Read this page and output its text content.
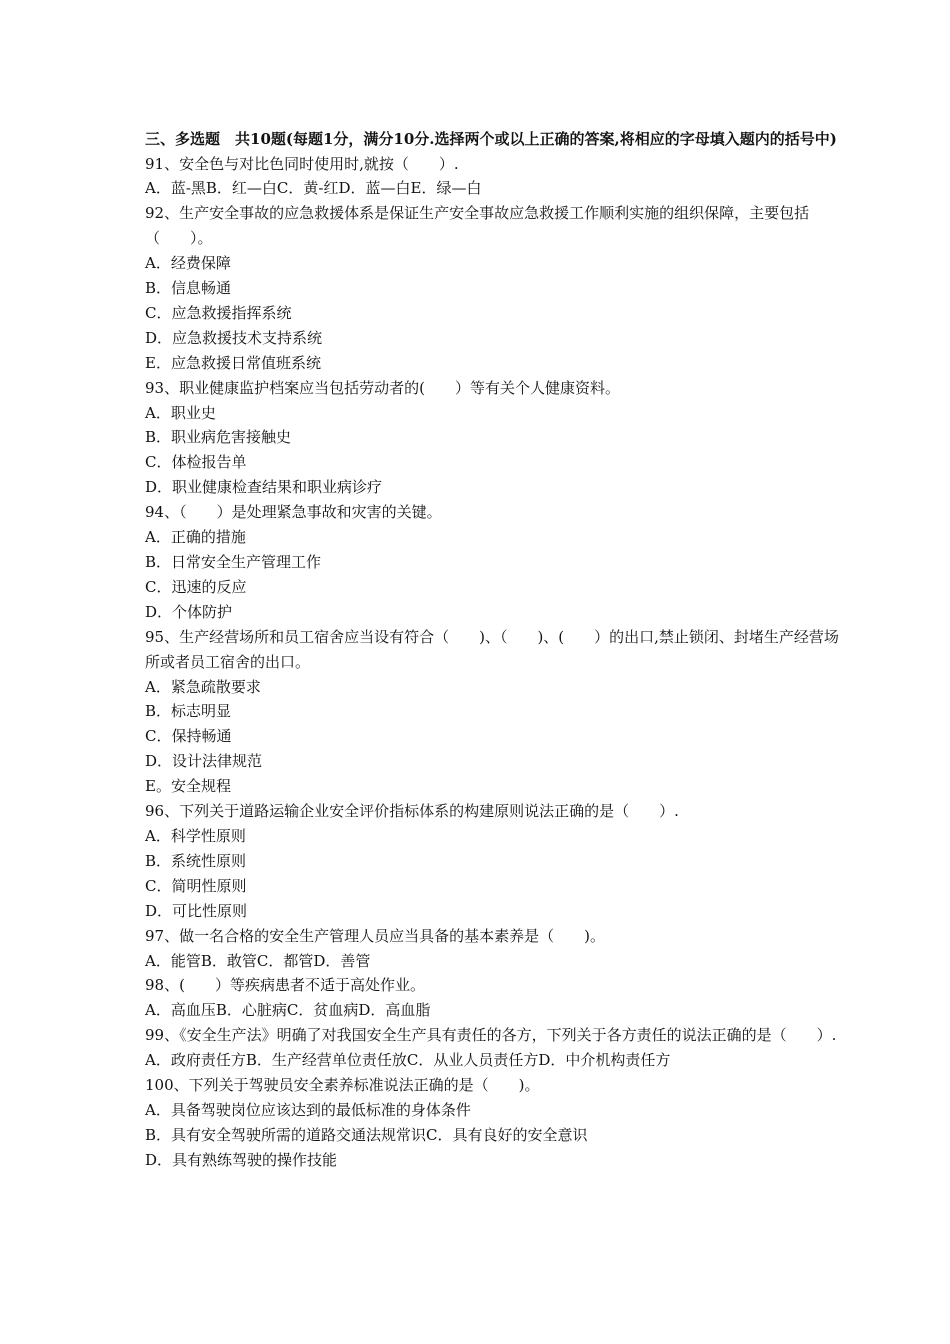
三、多选题　共10题(每题1分，满分10分.选择两个或以上正确的答案,将相应的字母填入题内的括号中)

91、安全色与对比色同时使用时,就按（　　）.

A．蓝-黑B．红—白C．黄-红D．蓝—白E．绿—白

92、生产安全事故的应急救援体系是保证生产安全事故应急救援工作顺利实施的组织保障，主要包括（　　）。

A．经费保障

B．信息畅通

C．应急救援指挥系统

D．应急救援技术支持系统

E．应急救援日常值班系统

93、职业健康监护档案应当包括劳动者的(　　）等有关个人健康资料。

A．职业史

B．职业病危害接触史

C．体检报告单

D．职业健康检查结果和职业病诊疗

94、（　　）是处理紧急事故和灾害的关键。

A．正确的措施

B．日常安全生产管理工作

C．迅速的反应

D．个体防护

95、生产经营场所和员工宿舍应当设有符合（　　)、（　　)、(　　）的出口,禁止锁闭、封堵生产经营场所或者员工宿舍的出口。

A．紧急疏散要求

B．标志明显

C．保持畅通

D．设计法律规范

E。安全规程

96、下列关于道路运输企业安全评价指标体系的构建原则说法正确的是（　　）.

A．科学性原则

B．系统性原则

C．简明性原则

D．可比性原则

97、做一名合格的安全生产管理人员应当具备的基本素养是（　　)。

A．能管B．敢管C．都管D．善管

98、(　　）等疾病患者不适于高处作业。

A．高血压B．心脏病C．贫血病D．高血脂

99、《安全生产法》明确了对我国安全生产具有责任的各方，下列关于各方责任的说法正确的是（　　）.

A．政府责任方B．生产经营单位责任放C．从业人员责任方D．中介机构责任方

100、下列关于驾驶员安全素养标准说法正确的是（　　)。

A．具备驾驶岗位应该达到的最低标准的身体条件

B．具有安全驾驶所需的道路交通法规常识C．具有良好的安全意识

D．具有熟练驾驶的操作技能
